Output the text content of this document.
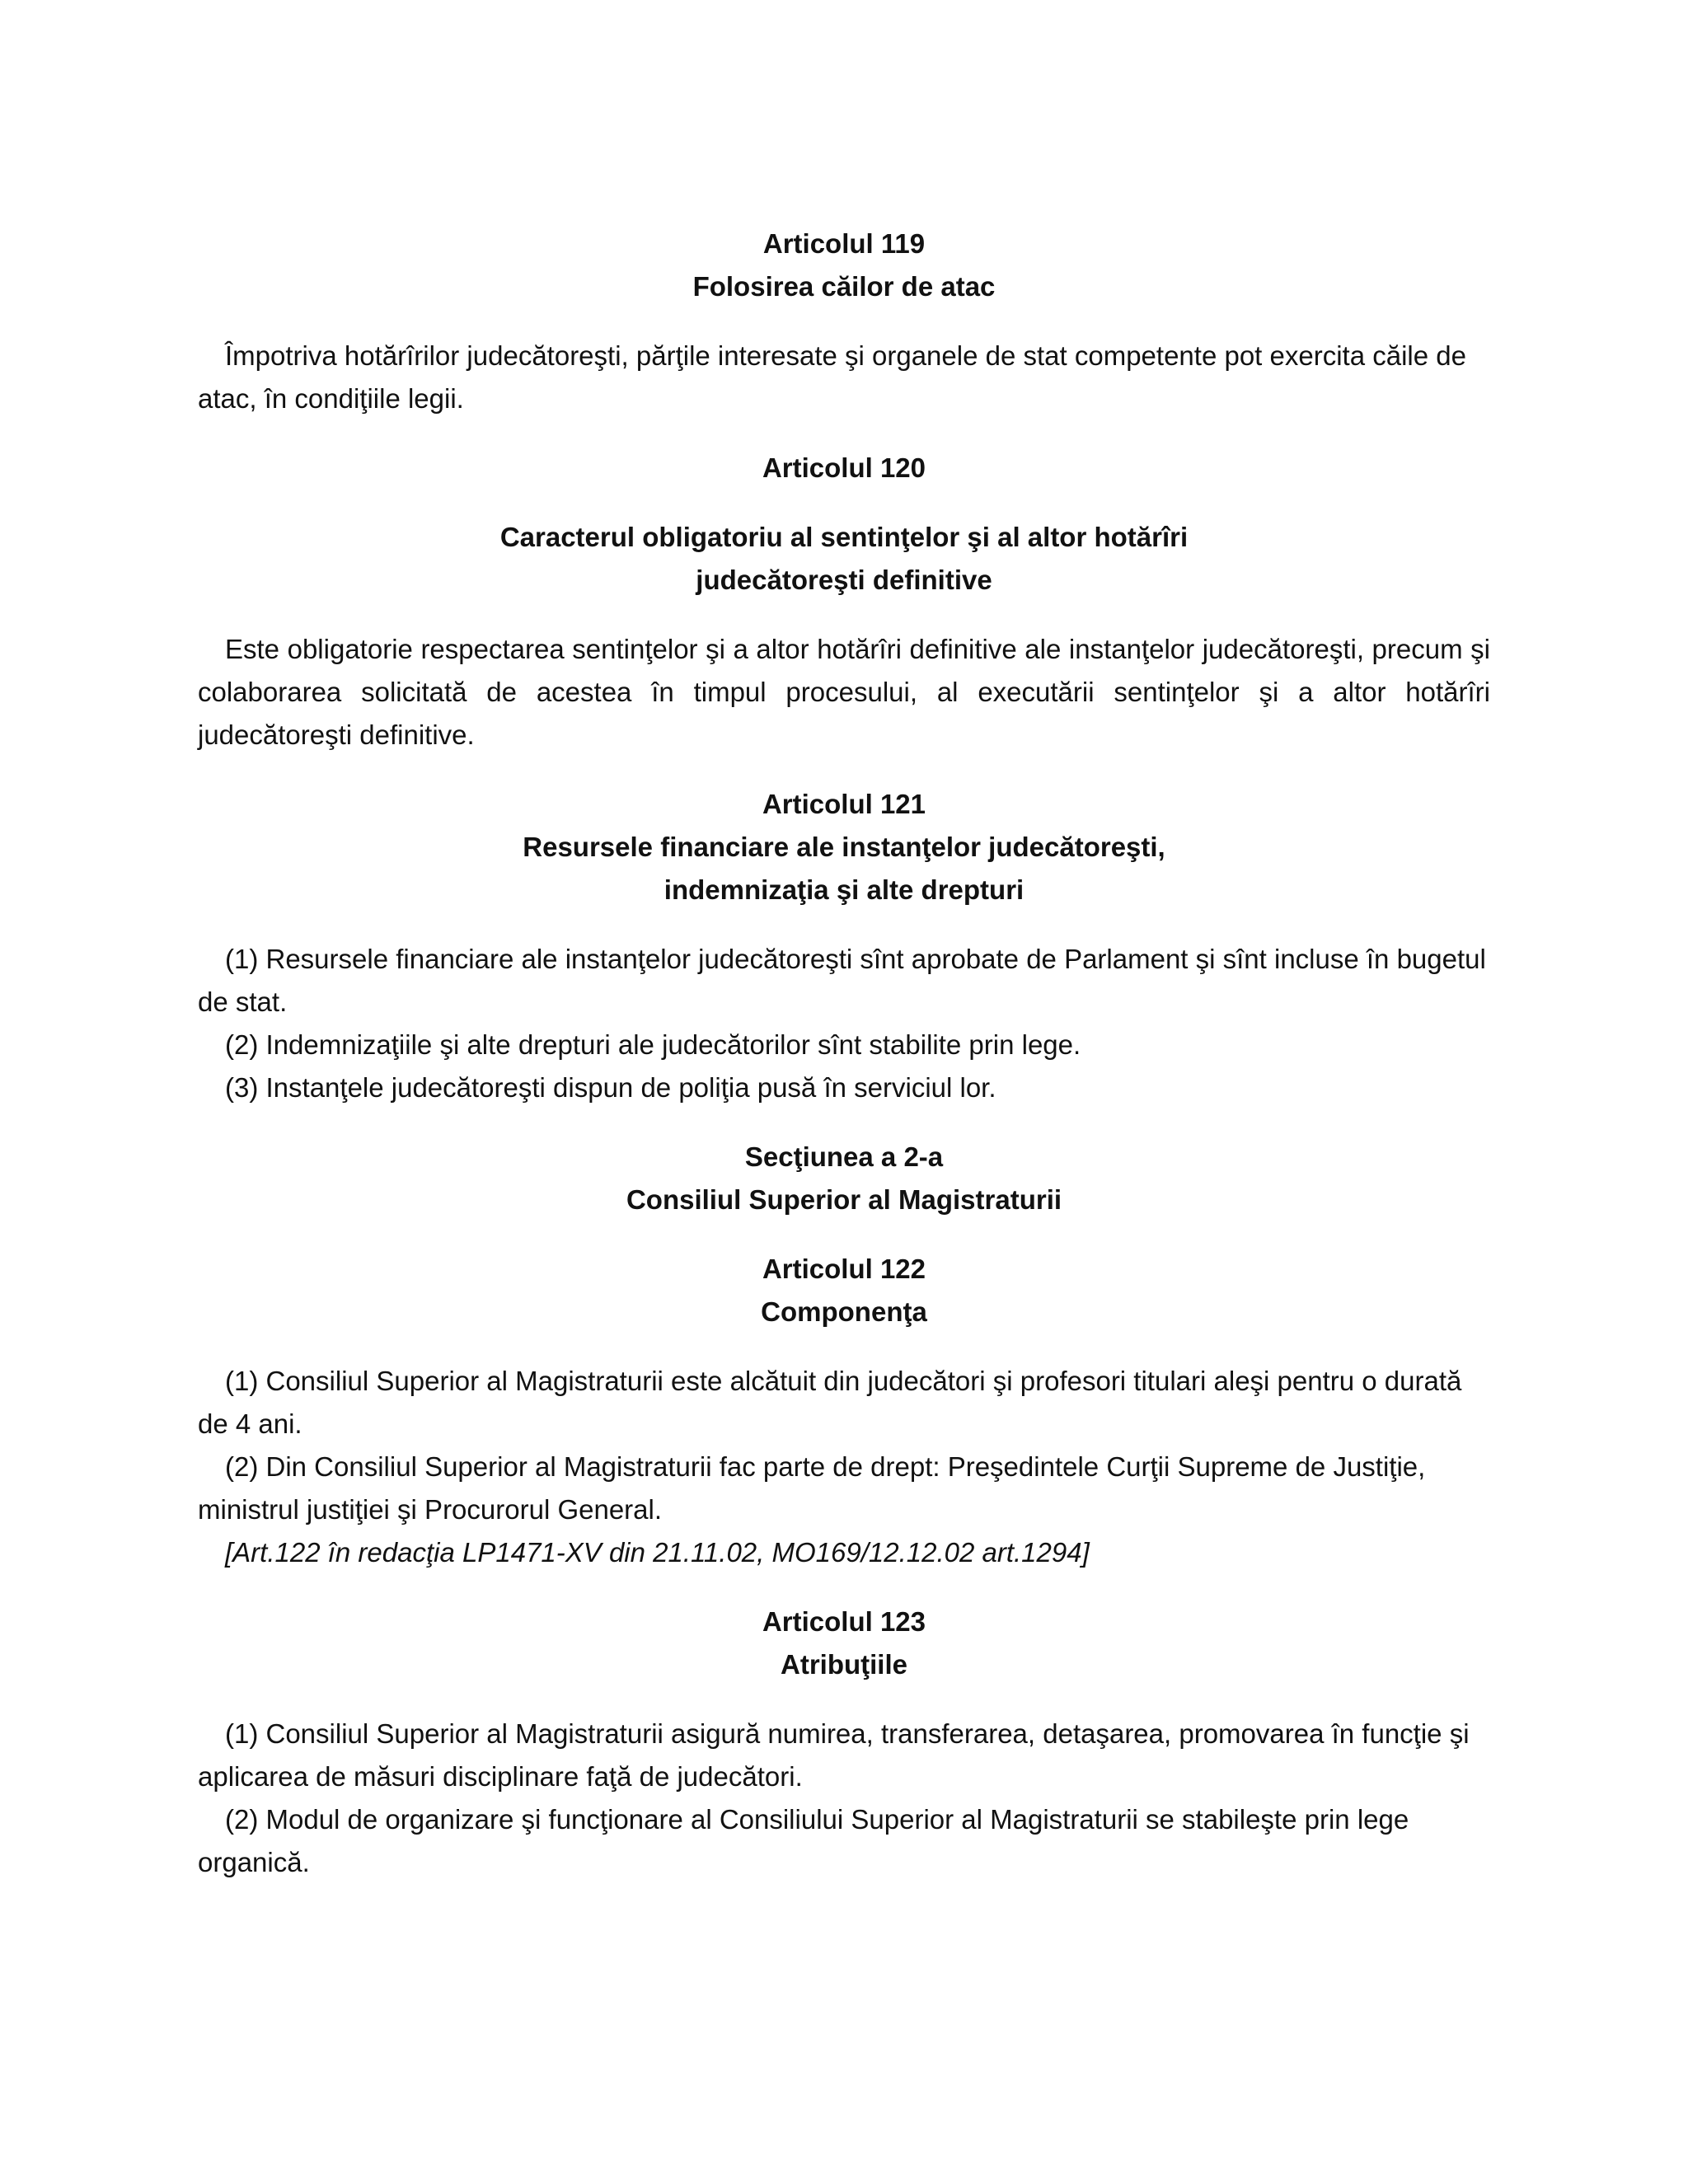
Articolul 119

Folosirea căilor de atac

Împotriva hotărîrilor judecătoreşti, părţile interesate şi organele de stat competente pot exercita căile de atac, în condiţiile legii.

Articolul 120

Caracterul obligatoriu al sentinţelor şi al altor hotărîri

judecătoreşti definitive

Este obligatorie respectarea sentinţelor şi a altor hotărîri definitive ale instanţelor judecătoreşti, precum şi colaborarea solicitată de acestea în timpul procesului, al executării sentinţelor şi a altor hotărîri judecătoreşti definitive.

Articolul 121

Resursele financiare ale instanţelor judecătoreşti,

indemnizaţia şi alte drepturi

(1) Resursele financiare ale instanţelor judecătoreşti sînt aprobate de Parlament şi sînt incluse în bugetul de stat.

(2) Indemnizaţiile şi alte drepturi ale judecătorilor sînt stabilite prin lege.

(3) Instanţele judecătoreşti dispun de poliţia pusă în serviciul lor.

Secţiunea a 2-a

Consiliul Superior al Magistraturii

Articolul 122

Componenţa

(1) Consiliul Superior al Magistraturii este alcătuit din judecători şi profesori titulari aleşi pentru o durată de 4 ani.

(2) Din Consiliul Superior al Magistraturii fac parte de drept: Preşedintele Curţii Supreme de Justiţie, ministrul justiţiei şi Procurorul General.

[Art.122 în redacţia LP1471-XV din 21.11.02, MO169/12.12.02 art.1294]

Articolul 123

Atribuţiile

(1) Consiliul Superior al Magistraturii asigură numirea, transferarea, detaşarea, promovarea în funcţie şi aplicarea de măsuri disciplinare faţă de judecători.

(2) Modul de organizare şi funcţionare al Consiliului Superior al Magistraturii se stabileşte prin lege organică.
